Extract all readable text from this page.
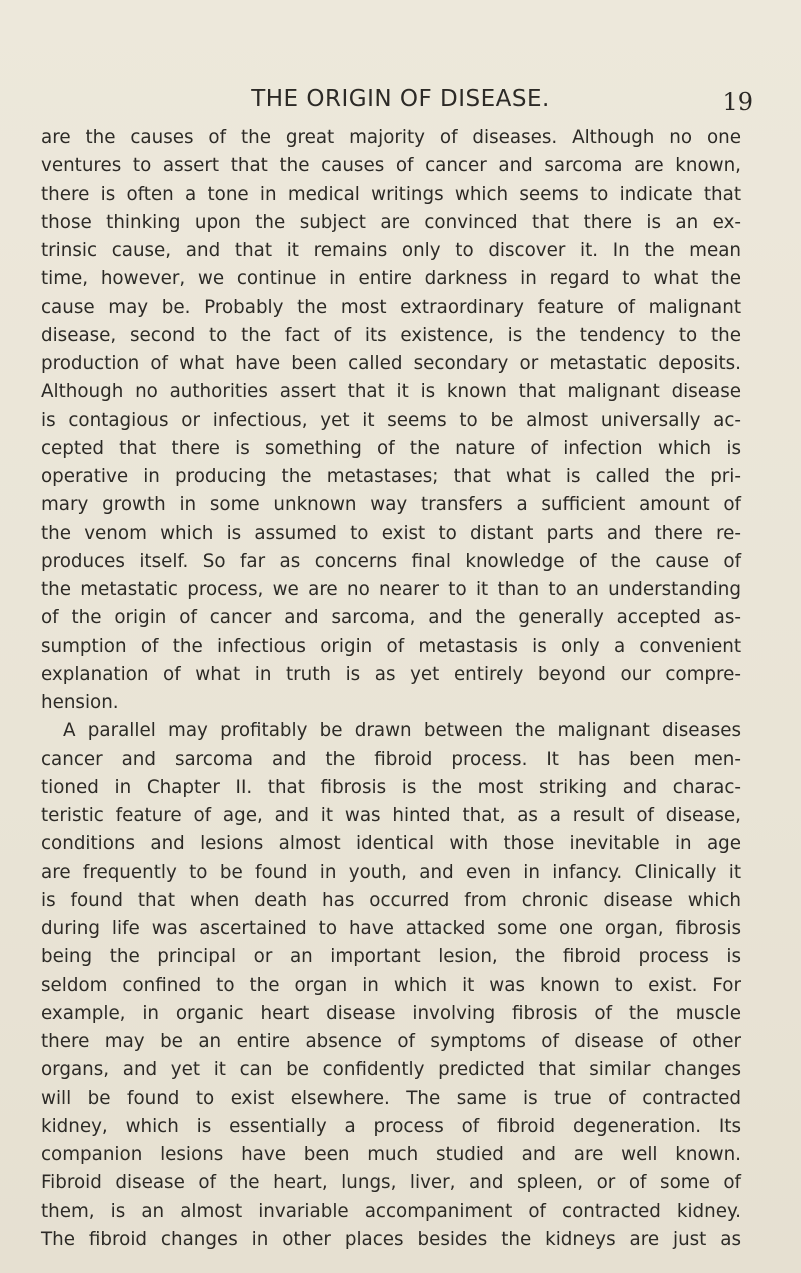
THE ORIGIN OF DISEASE.	19
are the causes of the great majority of diseases. Although no one
ventures to assert that the causes of cancer and sarcoma are known,
there is often a tone in medical writings which seems to indicate that
those thinking upon the subject are convinced that there is an ex-
trinsic cause, and that it remains only to discover it. In the mean
time, however, we continue in entire darkness in regard to what the
cause may be. Probably the most extraordinary feature of malignant
disease, second to the fact of its existence, is the tendency to the
production of what have been called secondary or metastatic deposits.
Although no authorities assert that it is known that malignant disease
is contagious or infectious, yet it seems to be almost universally ac-
cepted that there is something of the nature of infection which is
operative in producing the metastases; that what is called the pri-
mary growth in some unknown way transfers a sufficient amount of
the venom which is assumed to exist to distant parts and there re-
produces itself. So far as concerns final knowledge of the cause of
the metastatic process, we are no nearer to it than to an understanding
of the origin of cancer and sarcoma, and the generally accepted as-
sumption of the infectious origin of metastasis is only a convenient
explanation of what in truth is as yet entirely beyond our compre-
hension.
A parallel may profitably be drawn between the malignant diseases
cancer and sarcoma and the fibroid process. It has been men-
tioned in Chapter II. that fibrosis is the most striking and charac-
teristic feature of age, and it was hinted that, as a result of disease,
conditions and lesions almost identical with those inevitable in age
are frequently to be found in youth, and even in infancy. Clinically it
is found that when death has occurred from chronic disease which
during life was ascertained to have attacked some one organ, fibrosis
being the principal or an important lesion, the fibroid process is
seldom confined to the organ in which it was known to exist. For
example, in organic heart disease involving fibrosis of the muscle
there may be an entire absence of symptoms of disease of other
organs, and yet it can be confidently predicted that similar changes
will be found to exist elsewhere. The same is true of contracted
kidney, which is essentially a process of fibroid degeneration. Its
companion lesions have been much studied and are well known.
Fibroid disease of the heart, lungs, liver, and spleen, or of some of
them, is an almost invariable accompaniment of contracted kidney.
The fibroid changes in other places besides the kidneys are just as
